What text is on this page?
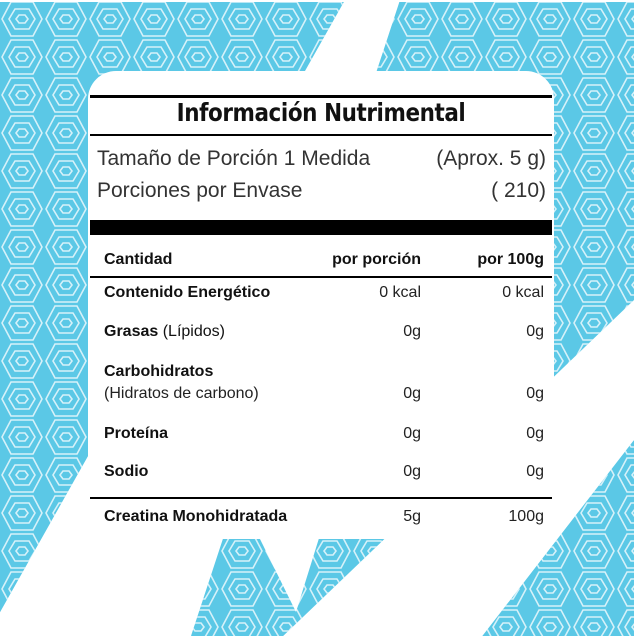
Información Nutrimental
Tamaño de Porción 1 Medida	(Aprox. 5 g)
Porciones por Envase	( 210)
Cantidad	por porción	por 100g
Contenido Energético	0 kcal	0 kcal
Grasas (Lípidos)	0g	0g
Carbohidratos
(Hidratos de carbono)	0g	0g
Proteína	0g	0g
Sodio	0g	0g
Creatina Monohidratada	5g	100g
